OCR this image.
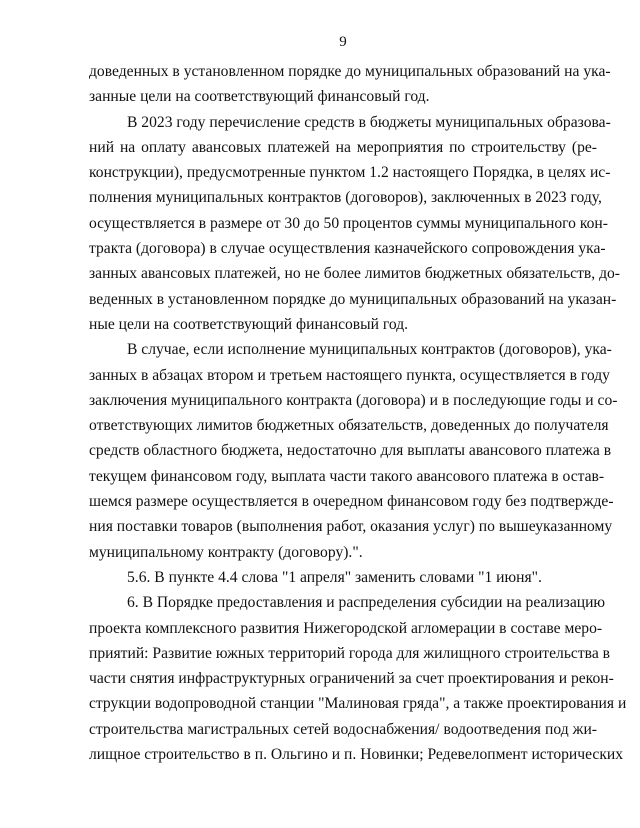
9
доведенных в установленном порядке до муниципальных образований на ука-
занные цели на соответствующий финансовый год.
В 2023 году перечисление средств в бюджеты муниципальных образова-
ний на оплату авансовых платежей на мероприятия по строительству (ре-
конструкции), предусмотренные пунктом 1.2 настоящего Порядка, в целях ис-
полнения муниципальных контрактов (договоров), заключенных в 2023 году,
осуществляется в размере от 30 до 50 процентов суммы муниципального кон-
тракта (договора) в случае осуществления казначейского сопровождения ука-
занных авансовых платежей, но не более лимитов бюджетных обязательств, до-
веденных в установленном порядке до муниципальных образований на указан-
ные цели на соответствующий финансовый год.
В случае, если исполнение муниципальных контрактов (договоров), ука-
занных в абзацах втором и третьем настоящего пункта, осуществляется в году
заключения муниципального контракта (договора) и в последующие годы и со-
ответствующих лимитов бюджетных обязательств, доведенных до получателя
средств областного бюджета, недостаточно для выплаты авансового платежа в
текущем финансовом году, выплата части такого авансового платежа в остав-
шемся размере осуществляется в очередном финансовом году без подтвержде-
ния поставки товаров (выполнения работ, оказания услуг) по вышеуказанному
муниципальному контракту (договору).".
5.6. В пункте 4.4 слова "1 апреля" заменить словами "1 июня".
6. В Порядке предоставления и распределения субсидии на реализацию
проекта комплексного развития Нижегородской агломерации в составе меро-
приятий: Развитие южных территорий города для жилищного строительства в
части снятия инфраструктурных ограничений за счет проектирования и рекон-
струкции водопроводной станции "Малиновая гряда", а также проектирования и
строительства магистральных сетей водоснабжения/ водоотведения под жи-
лищное строительство в п. Ольгино и п. Новинки; Редевелопмент исторических
